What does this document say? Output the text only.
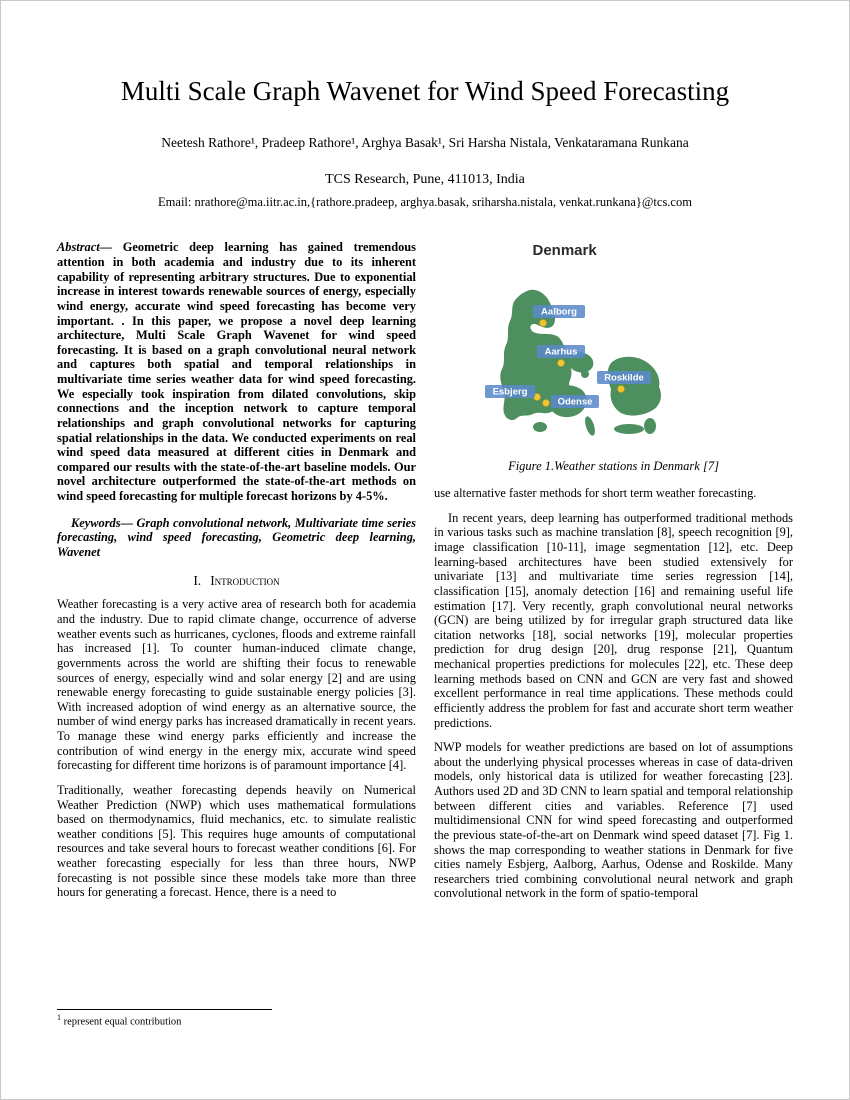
Multi Scale Graph Wavenet for Wind Speed Forecasting
Neetesh Rathore¹, Pradeep Rathore¹, Arghya Basak¹, Sri Harsha Nistala, Venkataramana Runkana
TCS Research, Pune, 411013, India
Email: nrathore@ma.iitr.ac.in,{rathore.pradeep, arghya.basak, sriharsha.nistala, venkat.runkana}@tcs.com

Abstract— Geometric deep learning has gained tremendous attention in both academia and industry due to its inherent capability of representing arbitrary structures. Due to exponential increase in interest towards renewable sources of energy, especially wind energy, accurate wind speed forecasting has become very important. . In this paper, we propose a novel deep learning architecture, Multi Scale Graph Wavenet for wind speed forecasting. It is based on a graph convolutional neural network and captures both spatial and temporal relationships in multivariate time series weather data for wind speed forecasting. We especially took inspiration from dilated convolutions, skip connections and the inception network to capture temporal relationships and graph convolutional networks for capturing spatial relationships in the data. We conducted experiments on real wind speed data measured at different cities in Denmark and compared our results with the state-of-the-art baseline models. Our novel architecture outperformed the state-of-the-art methods on wind speed forecasting for multiple forecast horizons by 4-5%.

Keywords— Graph convolutional network, Multivariate time series forecasting, wind speed forecasting, Geometric deep learning, Wavenet

I. Introduction

Weather forecasting is a very active area of research both for academia and the industry. Due to rapid climate change, occurrence of adverse weather events such as hurricanes, cyclones, floods and extreme rainfall has increased [1]. To counter human-induced climate change, governments across the world are shifting their focus to renewable sources of energy, especially wind and solar energy [2] and are using renewable energy forecasting to guide sustainable energy policies [3]. With increased adoption of wind energy as an alternative source, the number of wind energy parks has increased dramatically in recent years. To manage these wind energy parks efficiently and increase the contribution of wind energy in the energy mix, accurate wind speed forecasting for different time horizons is of paramount importance [4].

Traditionally, weather forecasting depends heavily on Numerical Weather Prediction (NWP) which uses mathematical formulations based on thermodynamics, fluid mechanics, etc. to simulate realistic weather conditions [5]. This requires huge amounts of computational resources and take several hours to forecast weather conditions [6]. For weather forecasting especially for less than three hours, NWP forecasting is not possible since these models take more than three hours for generating a forecast. Hence, there is a need to

Denmark
Aalborg
Aarhus
Esbjerg
Odense
Roskilde
Figure 1.Weather stations in Denmark [7]

use alternative faster methods for short term weather forecasting.

In recent years, deep learning has outperformed traditional methods in various tasks such as machine translation [8], speech recognition [9], image classification [10-11], image segmentation [12], etc. Deep learning-based architectures have been studied extensively for univariate [13] and multivariate time series regression [14], classification [15], anomaly detection [16] and remaining useful life estimation [17]. Very recently, graph convolutional neural networks (GCN) are being utilized by for irregular graph structured data like citation networks [18], social networks [19], molecular properties prediction for drug design [20], drug response [21], Quantum mechanical properties predictions for molecules [22], etc. These deep learning methods based on CNN and GCN are very fast and showed excellent performance in real time applications. These methods could efficiently address the problem for fast and accurate short term weather predictions.

NWP models for weather predictions are based on lot of assumptions about the underlying physical processes whereas in case of data-driven models, only historical data is utilized for weather forecasting [23]. Authors used 2D and 3D CNN to learn spatial and temporal relationship between different cities and variables. Reference [7] used multidimensional CNN for wind speed forecasting and outperformed the previous state-of-the-art on Denmark wind speed dataset [7]. Fig 1. shows the map corresponding to weather stations in Denmark for five cities namely Esbjerg, Aalborg, Aarhus, Odense and Roskilde. Many researchers tried combining convolutional neural network and graph convolutional network in the form of spatio-temporal

$^1$ represent equal contribution
